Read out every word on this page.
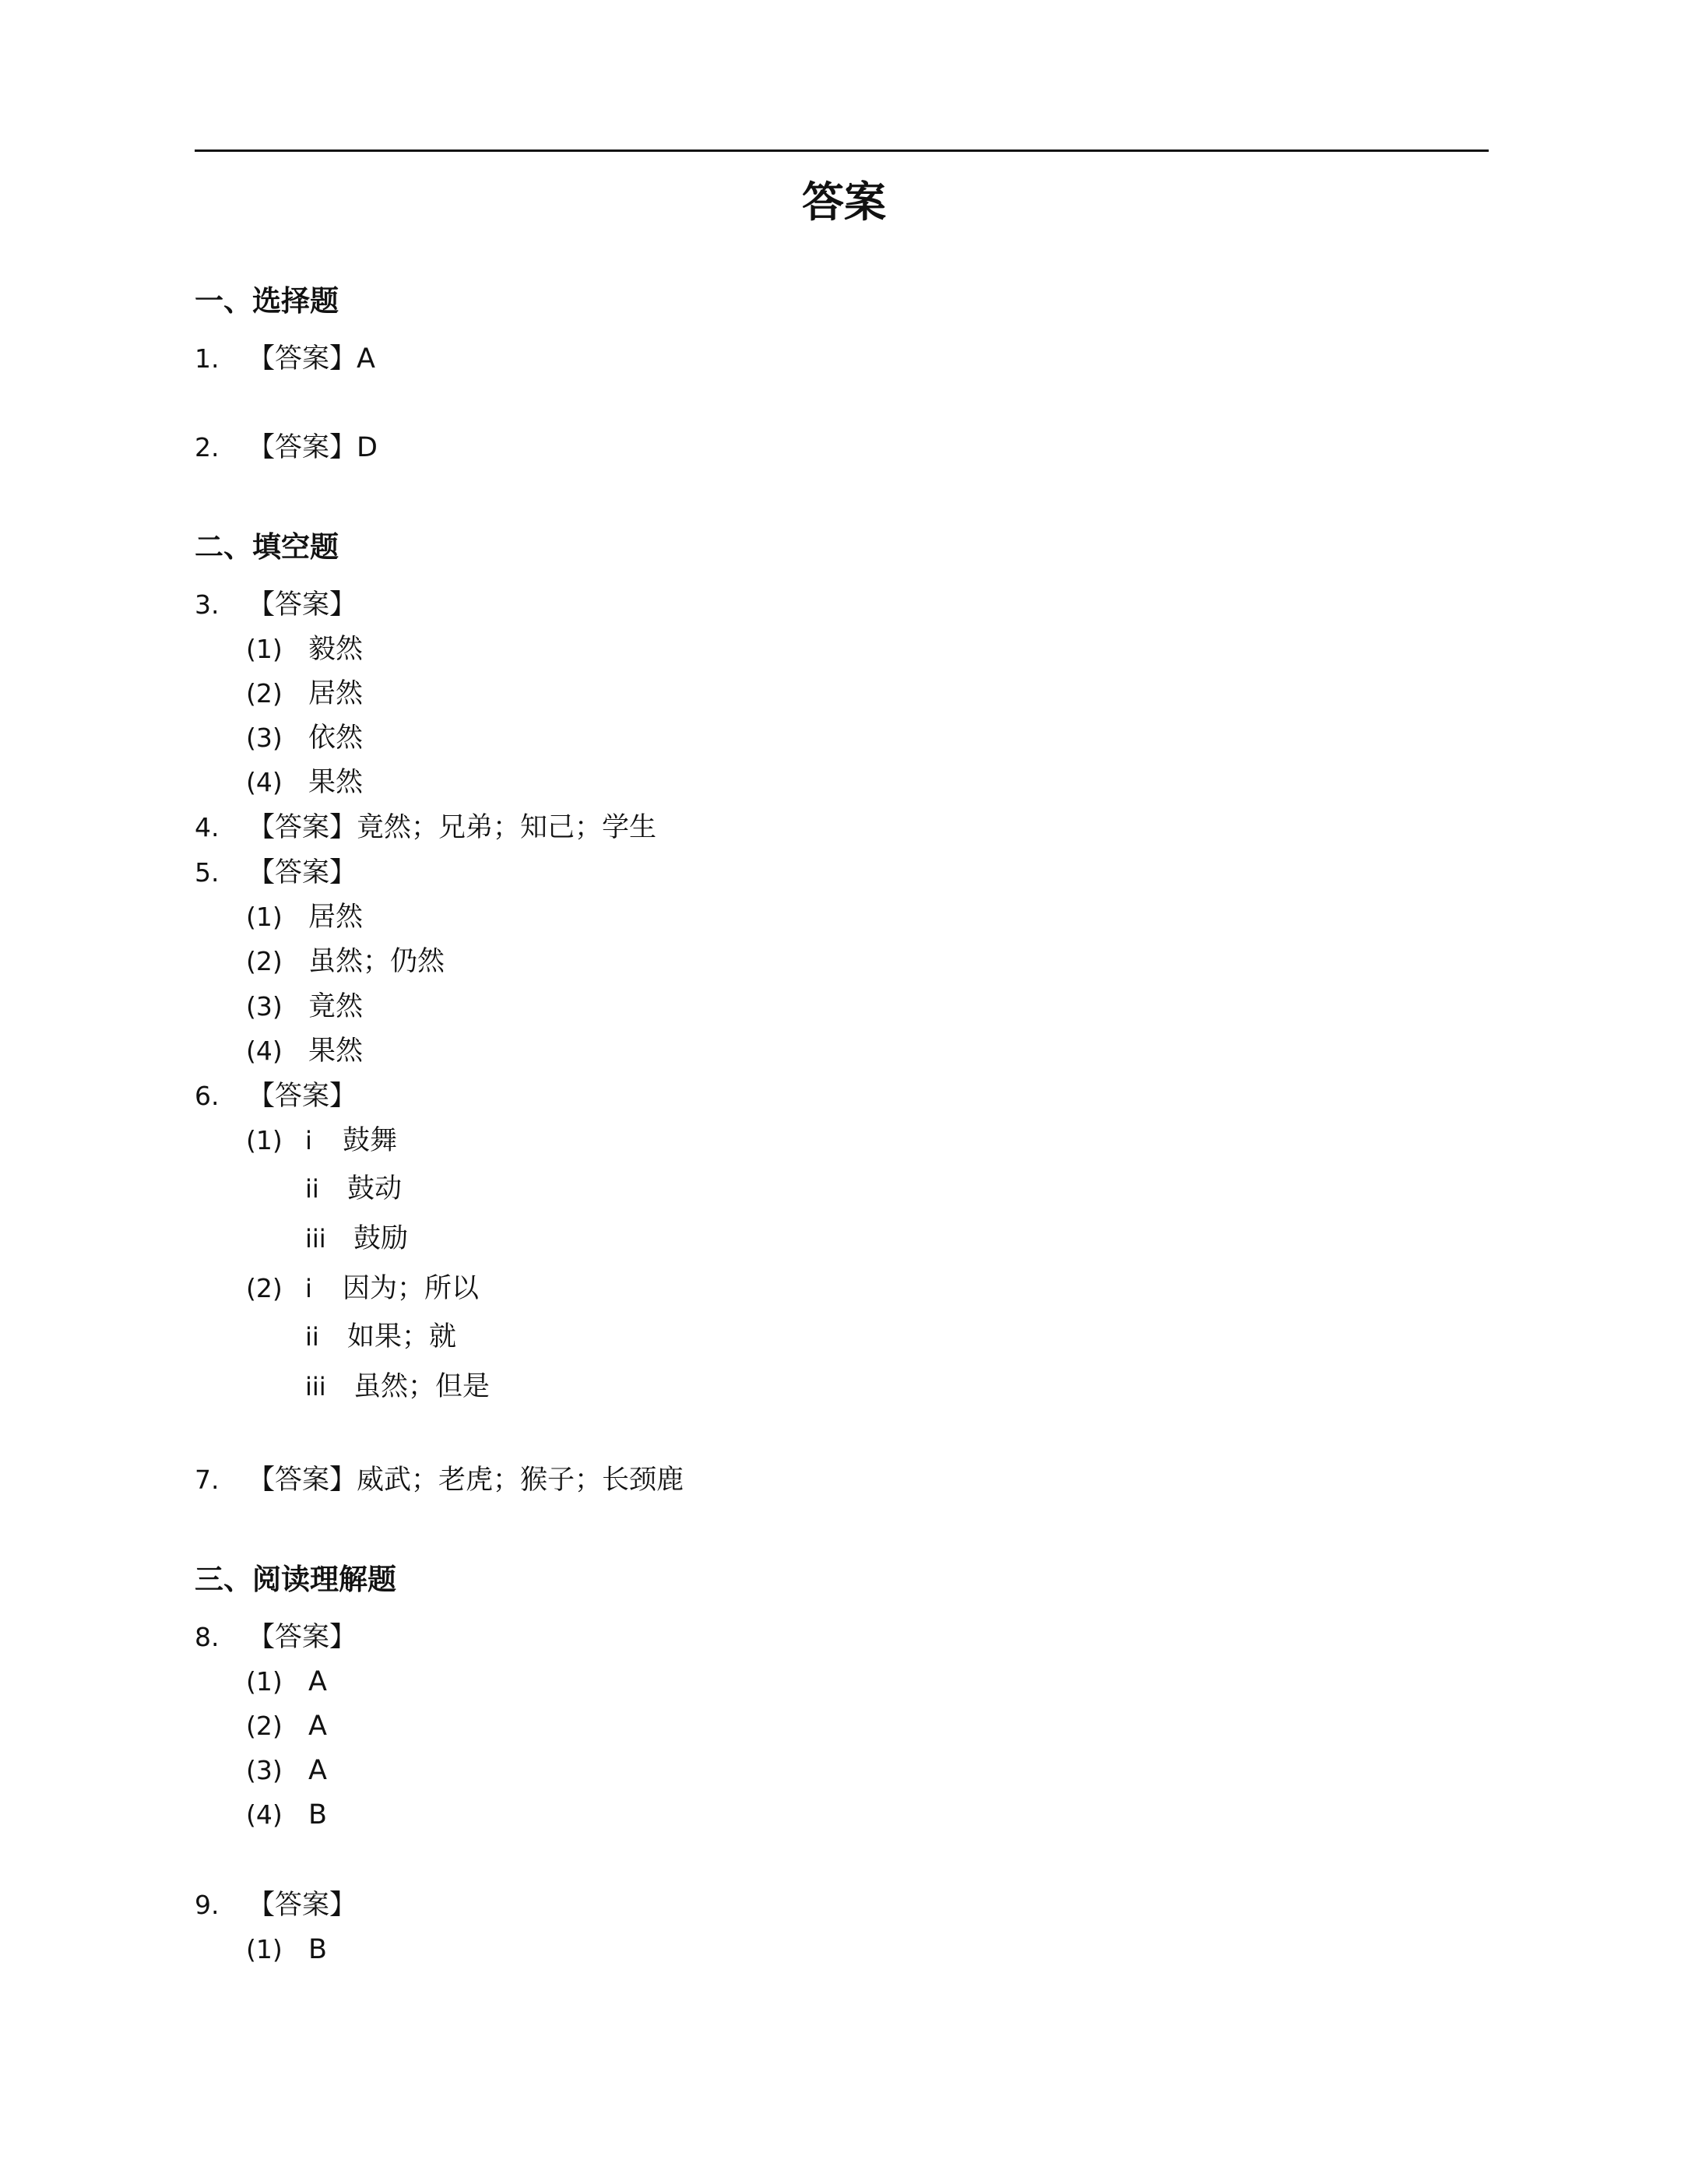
答案
一、选择题
1. 【答案】A
2. 【答案】D
二、填空题
3. 【答案】
(1) 毅然
(2) 居然
(3) 依然
(4) 果然
4. 【答案】竟然；兄弟；知己；学生
5. 【答案】
(1) 居然
(2) 虽然；仍然
(3) 竟然
(4) 果然
6. 【答案】
(1) i 鼓舞
ii 鼓动
iii 鼓励
(2) i 因为；所以
ii 如果；就
iii 虽然；但是
7. 【答案】威武；老虎；猴子；长颈鹿
三、阅读理解题
8. 【答案】
(1) A
(2) A
(3) A
(4) B
9. 【答案】
(1) B
